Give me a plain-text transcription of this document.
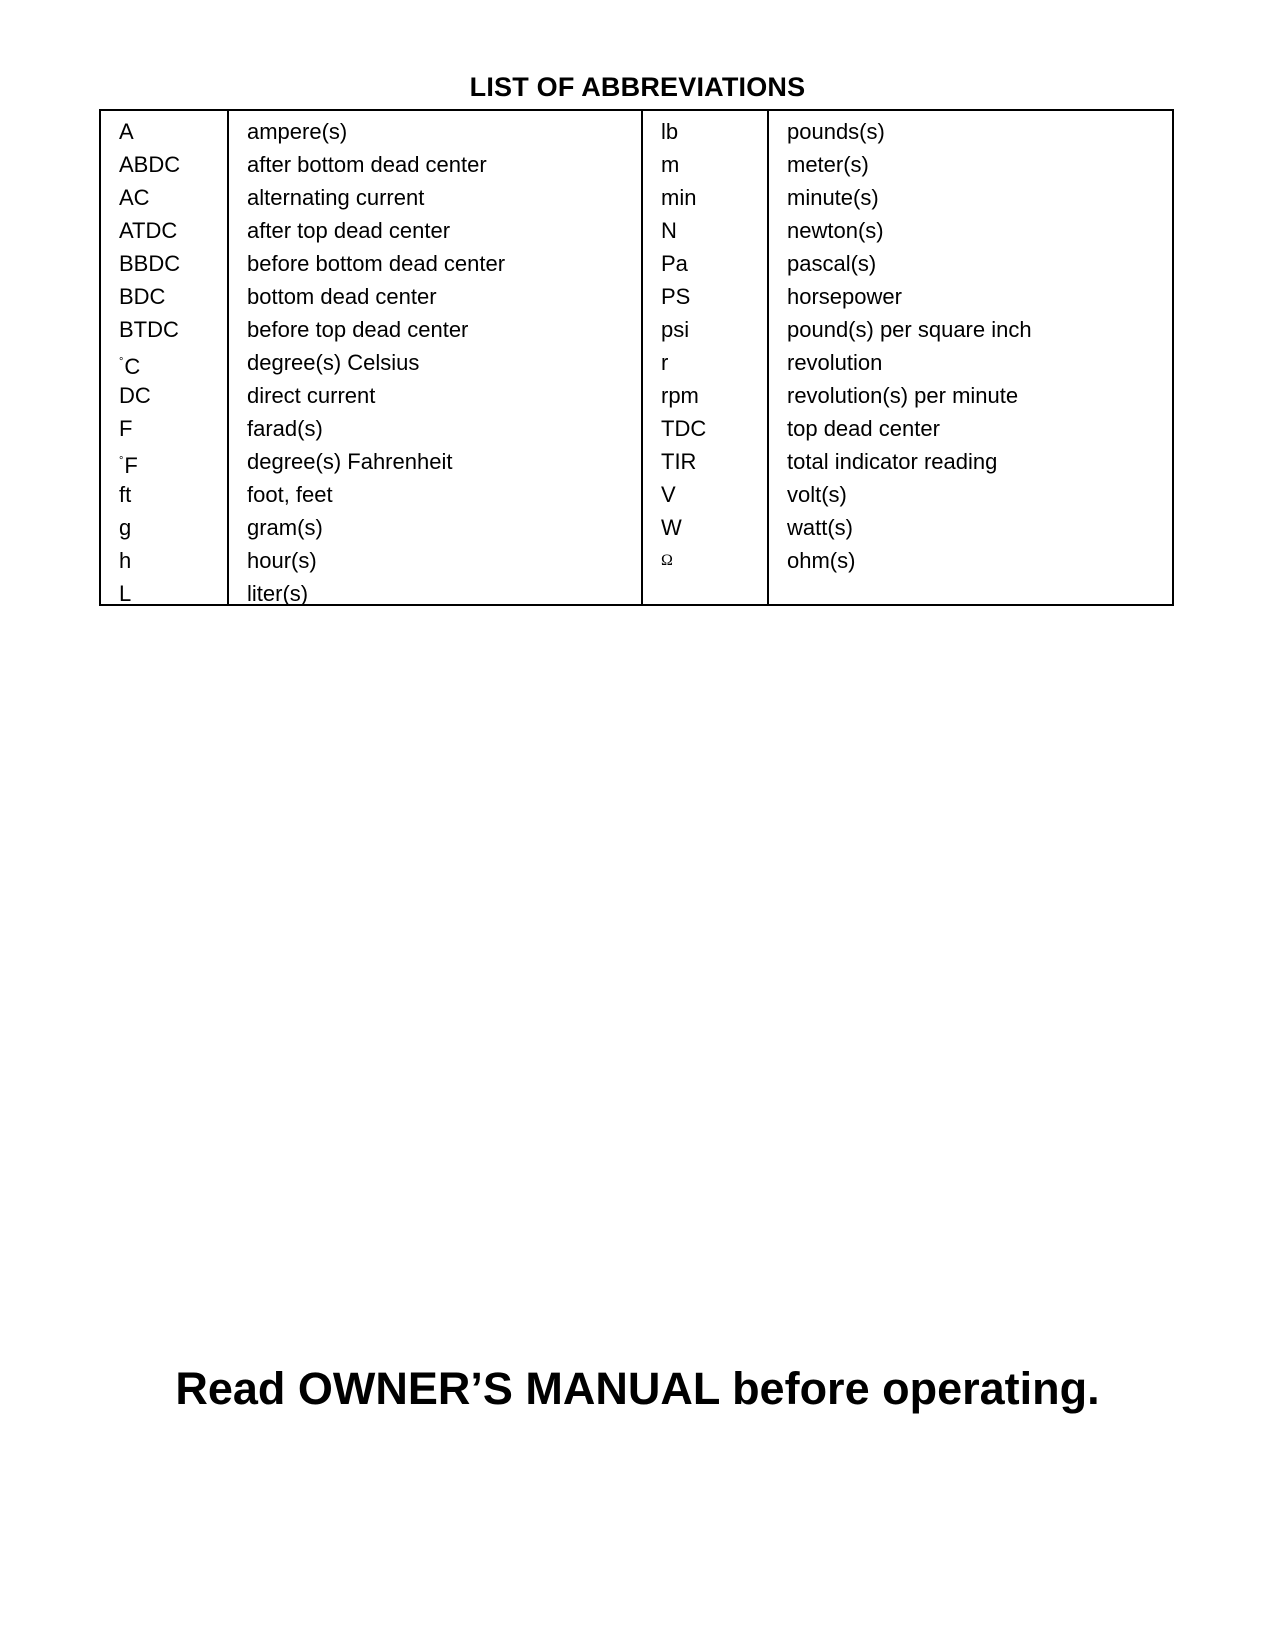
LIST OF ABBREVIATIONS
A
ABDC
AC
ATDC
BBDC
BDC
BTDC
°C
DC
F
°F
ft
g
h
L
ampere(s)
after bottom dead center
alternating current
after top dead center
before bottom dead center
bottom dead center
before top dead center
degree(s) Celsius
direct current
farad(s)
degree(s) Fahrenheit
foot, feet
gram(s)
hour(s)
liter(s)
lb
m
min
N
Pa
PS
psi
r
rpm
TDC
TIR
V
W
Ω
pounds(s)
meter(s)
minute(s)
newton(s)
pascal(s)
horsepower
pound(s) per square inch
revolution
revolution(s) per minute
top dead center
total indicator reading
volt(s)
watt(s)
ohm(s)
Read OWNER’S MANUAL before operating.
